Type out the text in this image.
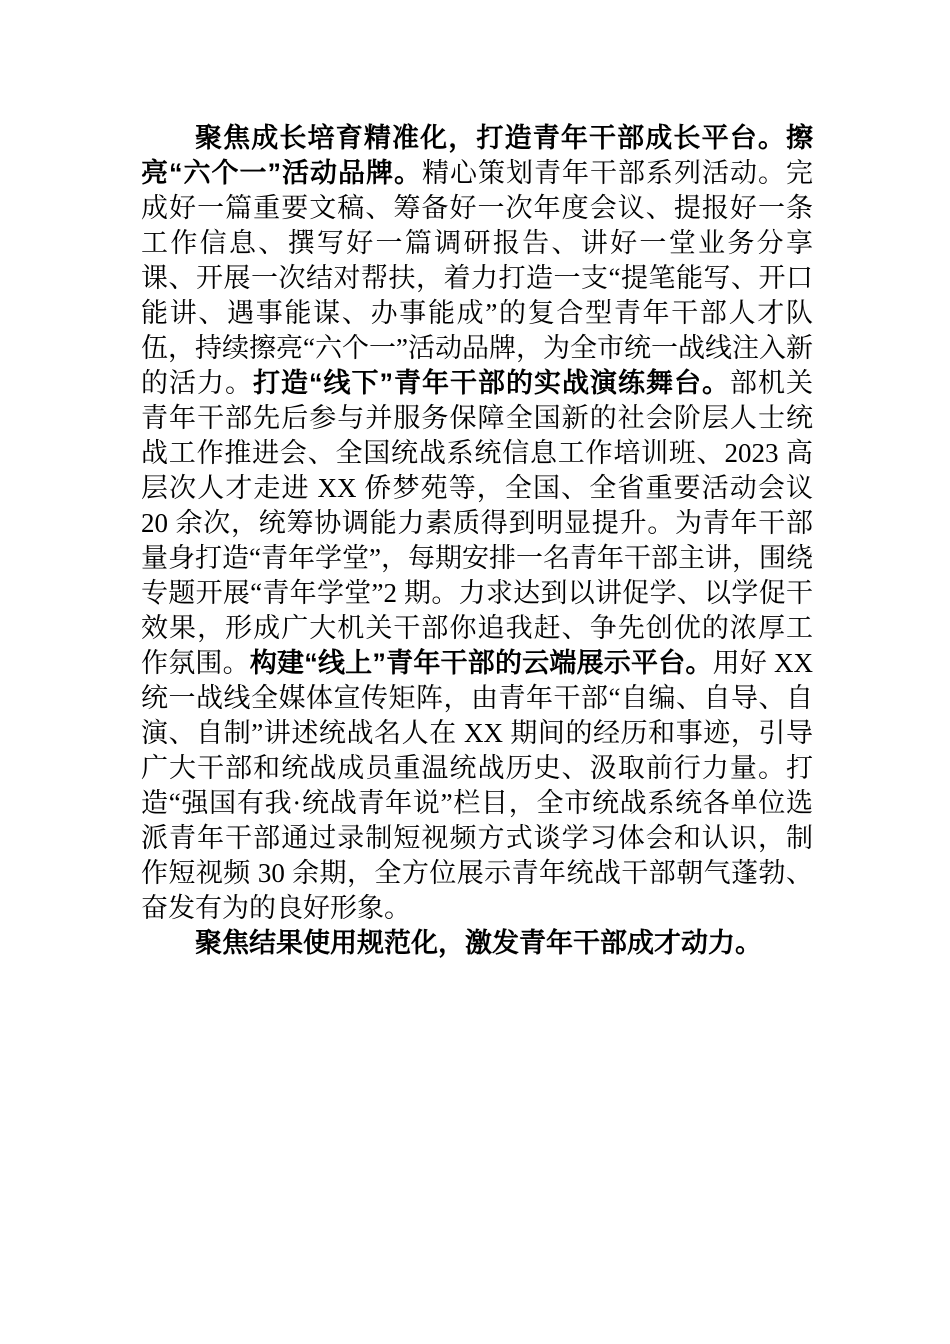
聚焦成长培育精准化，打造青年干部成长平台。擦亮“六个一”活动品牌。精心策划青年干部系列活动。完成好一篇重要文稿、筹备好一次年度会议、提报好一条工作信息、撰写好一篇调研报告、讲好一堂业务分享课、开展一次结对帮扶，着力打造一支“提笔能写、开口能讲、遇事能谋、办事能成”的复合型青年干部人才队伍，持续擦亮“六个一”活动品牌，为全市统一战线注入新的活力。打造“线下”青年干部的实战演练舞台。部机关青年干部先后参与并服务保障全国新的社会阶层人士统战工作推进会、全国统战系统信息工作培训班、2023 高层次人才走进 XX 侨梦苑等，全国、全省重要活动会议 20 余次，统筹协调能力素质得到明显提升。为青年干部量身打造“青年学堂”，每期安排一名青年干部主讲，围绕专题开展“青年学堂”2 期。力求达到以讲促学、以学促干效果，形成广大机关干部你追我赶、争先创优的浓厚工作氛围。构建“线上”青年干部的云端展示平台。用好 XX 统一战线全媒体宣传矩阵，由青年干部“自编、自导、自演、自制”讲述统战名人在 XX 期间的经历和事迹，引导广大干部和统战成员重温统战历史、汲取前行力量。打造“强国有我·统战青年说”栏目，全市统战系统各单位选派青年干部通过录制短视频方式谈学习体会和认识，制作短视频 30 余期，全方位展示青年统战干部朝气蓬勃、奋发有为的良好形象。

聚焦结果使用规范化，激发青年干部成才动力。
